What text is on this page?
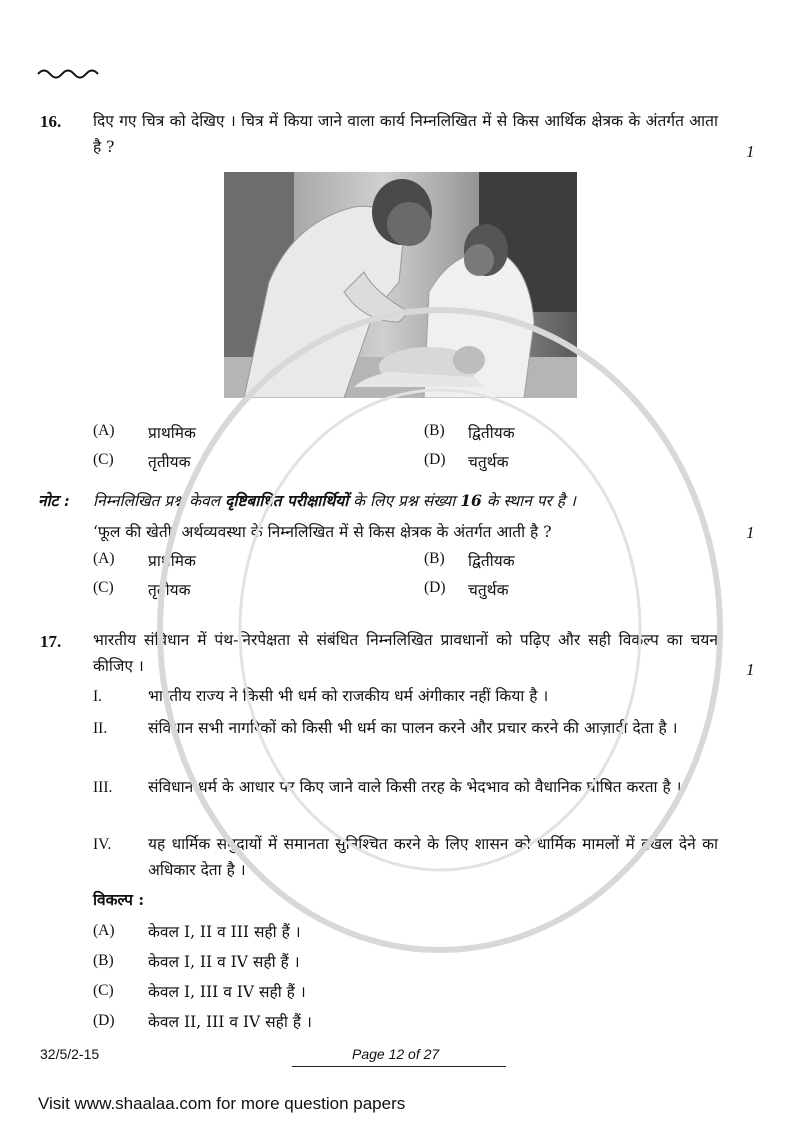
16. दिए गए चित्र को देखिए । चित्र में किया जाने वाला कार्य निम्नलिखित में से किस आर्थिक क्षेत्रक के अंतर्गत आता है ?	1
(A) प्राथमिक	(B) द्वितीयक
(C) तृतीयक	(D) चतुर्थक
नोट : निम्नलिखित प्रश्न केवल दृष्टिबाधित परीक्षार्थियों के लिए प्रश्न संख्या 16 के स्थान पर है ।
‘फूल की खेती’ अर्थव्यवस्था के निम्नलिखित में से किस क्षेत्रक के अंतर्गत आती है ?	1
(A) प्राथमिक	(B) द्वितीयक
(C) तृतीयक	(D) चतुर्थक
17. भारतीय संविधान में पंथ-निरपेक्षता से संबंधित निम्नलिखित प्रावधानों को पढ़िए और सही विकल्प का चयन कीजिए ।	1
I.	भारतीय राज्य ने किसी भी धर्म को राजकीय धर्म अंगीकार नहीं किया है ।
II.	संविधान सभी नागरिकों को किसी भी धर्म का पालन करने और प्रचार करने की आज़ादी देता है ।
III. संविधान धर्म के आधार पर किए जाने वाले किसी तरह के भेदभाव को वैधानिक घोषित करता है ।
IV. यह धार्मिक समुदायों में समानता सुनिश्चित करने के लिए शासन को धार्मिक मामलों में दखल देने का अधिकार देता है ।
विकल्प :
(A) केवल I, II व III सही हैं ।
(B) केवल I, II व IV सही हैं ।
(C) केवल I, III व IV सही हैं ।
(D) केवल II, III व IV सही हैं ।
32/5/2-15	Page 12 of 27
Visit www.shaalaa.com for more question papers
